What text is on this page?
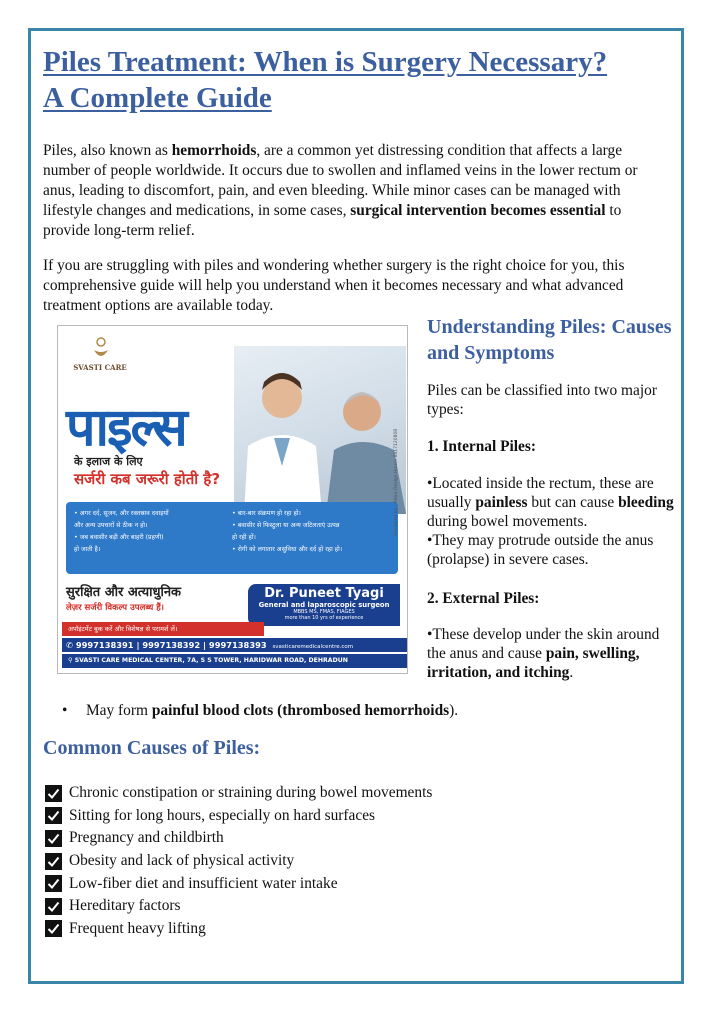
Piles Treatment: When is Surgery Necessary?
A Complete Guide

Piles, also known as hemorrhoids, are a common yet distressing condition that affects a large number of people worldwide. It occurs due to swollen and inflamed veins in the lower rectum or anus, leading to discomfort, pain, and even bleeding. While minor cases can be managed with lifestyle changes and medications, in some cases, surgical intervention becomes essential to provide long-term relief.

If you are struggling with piles and wondering whether surgery is the right choice for you, this comprehensive guide will help you understand when it becomes necessary and what advanced treatment options are available today.

SVASTI CARE
पाइल्स
के इलाज के लिए
सर्जरी कब जरूरी होती है?
• अगर दर्द, सूजन, और रक्तस्राव दवाइयों
और अन्य उपचारों से ठीक न हो।
• जब बवासीर बड़ी और बाहरी (प्रहणी)
हो जाती है।
• बार-बार संक्रमण हो रहा हो।
• बवासीर से फिस्टुला या अन्य जटिलताएं उत्पन्न
हो रही हों।
• रोगी को लगातार असुविधा और दर्द हो रहा हो।
सुरक्षित और अत्याधुनिक
लेज़र सर्जरी विकल्प उपलब्ध हैं।
Dr. Puneet Tyagi
General and laparoscopic surgeon
MBBS MS, FMAS, FIAGES
more than 10 yrs of experience
अपॉइंटमेंट बुक करें और विशेषज्ञ से परामर्श लें।
✆ 9997138391 | 9997138392 | 9997138393 svasticaremedicalcentre.com
⚲ SVASTI CARE MEDICAL CENTER, 7A, S S TOWER, HARIDWAR ROAD, DEHRADUN
Designed by : Akwa Design House 8817120808
Understanding Piles: Causes and Symptoms

Piles can be classified into two major types:

1. Internal Piles:

•Located inside the rectum, these are usually painless but can cause bleeding during bowel movements.

•They may protrude outside the anus (prolapse) in severe cases.

2. External Piles:

•These develop under the skin around the anus and cause pain, swelling, irritation, and itching.

• May form painful blood clots (thrombosed hemorrhoids).

Common Causes of Piles:
Chronic constipation or straining during bowel movements
Sitting for long hours, especially on hard surfaces
Pregnancy and childbirth
Obesity and lack of physical activity
Low-fiber diet and insufficient water intake
Hereditary factors
Frequent heavy lifting
